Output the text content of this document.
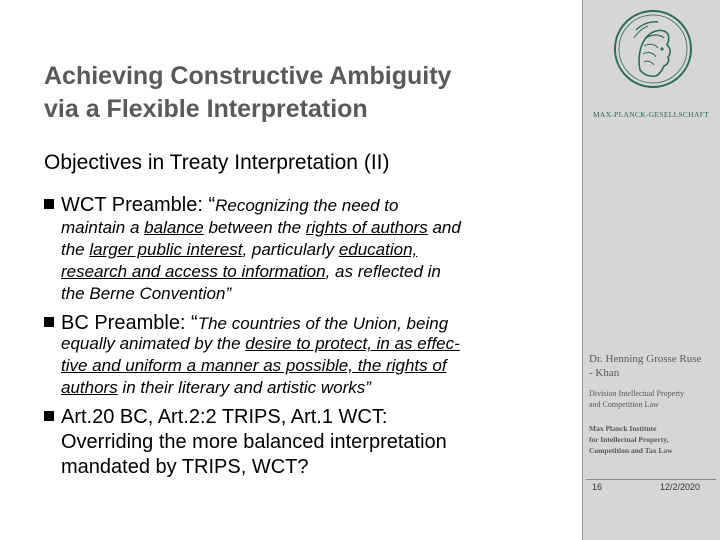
Achieving Constructive Ambiguity
via a Flexible Interpretation
Objectives in Treaty Interpretation (II)
WCT Preamble: “Recognizing the need to
maintain a balance between the rights of authors and
the larger public interest, particularly education,
research and access to information, as reflected in
the Berne Convention”
BC Preamble: “The countries of the Union, being
equally animated by the desire to protect, in as effec-
tive and uniform a manner as possible, the rights of
authors in their literary and artistic works”
Art.20 BC, Art.2:2 TRIPS, Art.1 WCT:
Overriding the more balanced interpretation
mandated by TRIPS, WCT?
MAX-PLANCK-GESELLSCHAFT
Dr. Henning Grosse Ruse
- Khan
Division Intellectual Property
and Competition Law
Max Planck Institute
for Intellectual Property,
Competition and Tax Law
16	12/2/2020
